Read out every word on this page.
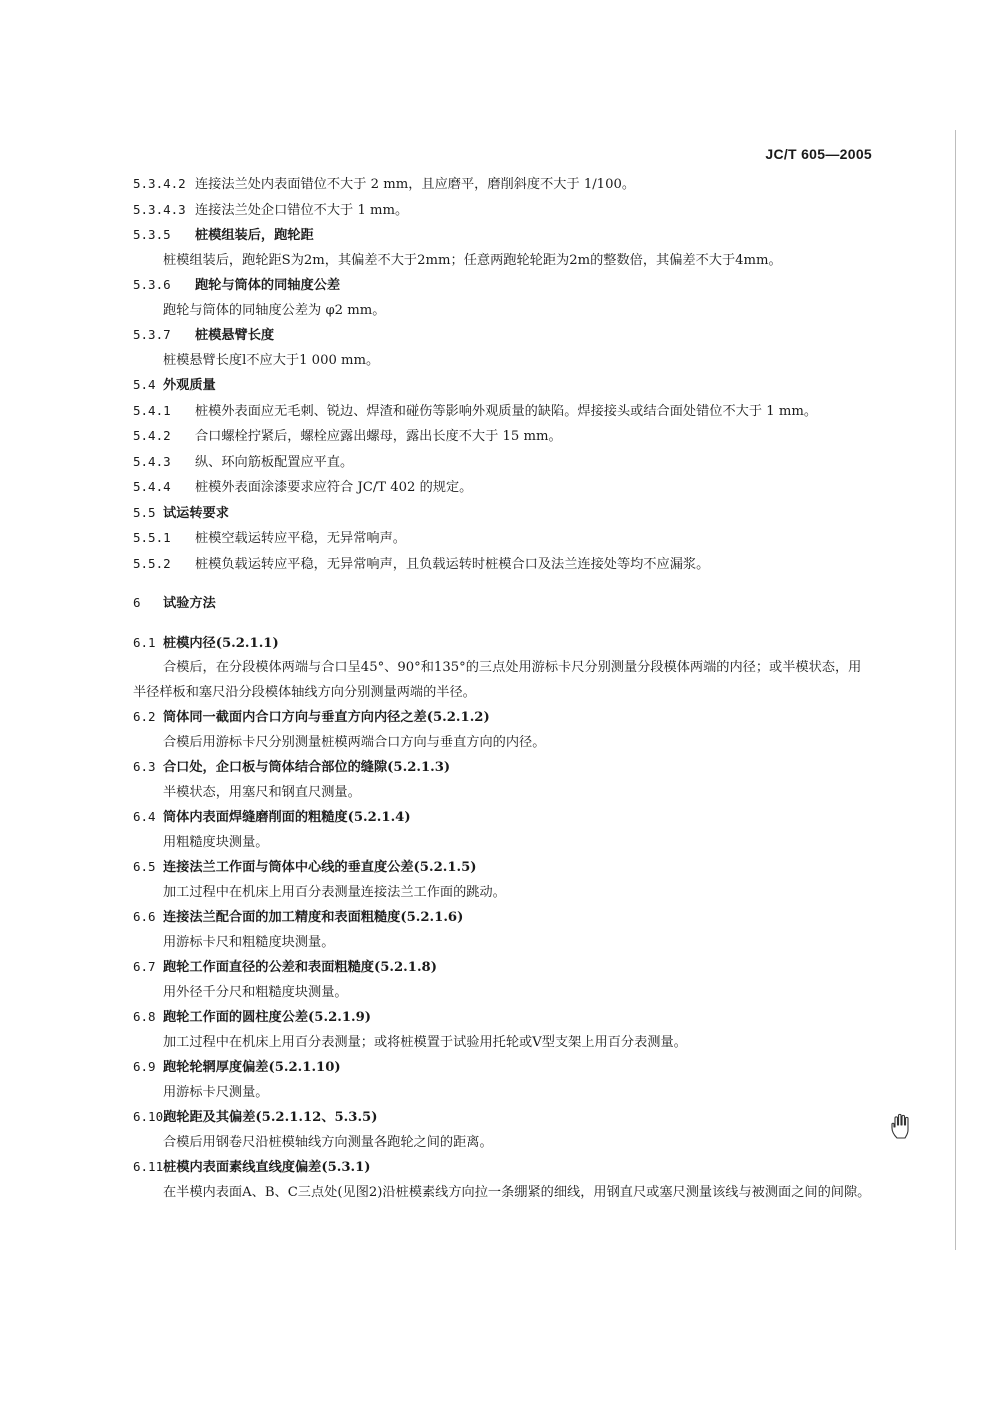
JC/T 605—2005
5.3.4.2 连接法兰处内表面错位不大于 2 mm，且应磨平，磨削斜度不大于 1/100。
5.3.4.3 连接法兰处企口错位不大于 1 mm。
5.3.5 桩模组装后，跑轮距
桩模组装后，跑轮距S为2m，其偏差不大于2mm；任意两跑轮轮距为2m的整数倍，其偏差不大于4mm。
5.3.6 跑轮与筒体的同轴度公差
跑轮与筒体的同轴度公差为 φ2 mm。
5.3.7 桩模悬臂长度
桩模悬臂长度l不应大于1 000 mm。
5.4 外观质量
5.4.1 桩模外表面应无毛刺、锐边、焊渣和碰伤等影响外观质量的缺陷。焊接接头或结合面处错位不大于 1 mm。
5.4.2 合口螺栓拧紧后，螺栓应露出螺母，露出长度不大于 15 mm。
5.4.3 纵、环向筋板配置应平直。
5.4.4 桩模外表面涂漆要求应符合 JC/T 402 的规定。
5.5 试运转要求
5.5.1 桩模空载运转应平稳，无异常响声。
5.5.2 桩模负载运转应平稳，无异常响声，且负载运转时桩模合口及法兰连接处等均不应漏浆。
6 试验方法
6.1 桩模内径(5.2.1.1)
合模后，在分段模体两端与合口呈45°、90°和135°的三点处用游标卡尺分别测量分段模体两端的内径；或半模状态，用半径样板和塞尺沿分段模体轴线方向分别测量两端的半径。
6.2 筒体同一截面内合口方向与垂直方向内径之差(5.2.1.2)
合模后用游标卡尺分别测量桩模两端合口方向与垂直方向的内径。
6.3 合口处，企口板与筒体结合部位的缝隙(5.2.1.3)
半模状态，用塞尺和钢直尺测量。
6.4 筒体内表面焊缝磨削面的粗糙度(5.2.1.4)
用粗糙度块测量。
6.5 连接法兰工作面与筒体中心线的垂直度公差(5.2.1.5)
加工过程中在机床上用百分表测量连接法兰工作面的跳动。
6.6 连接法兰配合面的加工精度和表面粗糙度(5.2.1.6)
用游标卡尺和粗糙度块测量。
6.7 跑轮工作面直径的公差和表面粗糙度(5.2.1.8)
用外径千分尺和粗糙度块测量。
6.8 跑轮工作面的圆柱度公差(5.2.1.9)
加工过程中在机床上用百分表测量；或将桩模置于试验用托轮或V型支架上用百分表测量。
6.9 跑轮轮辋厚度偏差(5.2.1.10)
用游标卡尺测量。
6.10跑轮距及其偏差(5.2.1.12、5.3.5)
合模后用钢卷尺沿桩模轴线方向测量各跑轮之间的距离。
6.11桩模内表面素线直线度偏差(5.3.1)
在半模内表面A、B、C三点处(见图2)沿桩模素线方向拉一条绷紧的细线，用钢直尺或塞尺测量该线与被测面之间的间隙。
